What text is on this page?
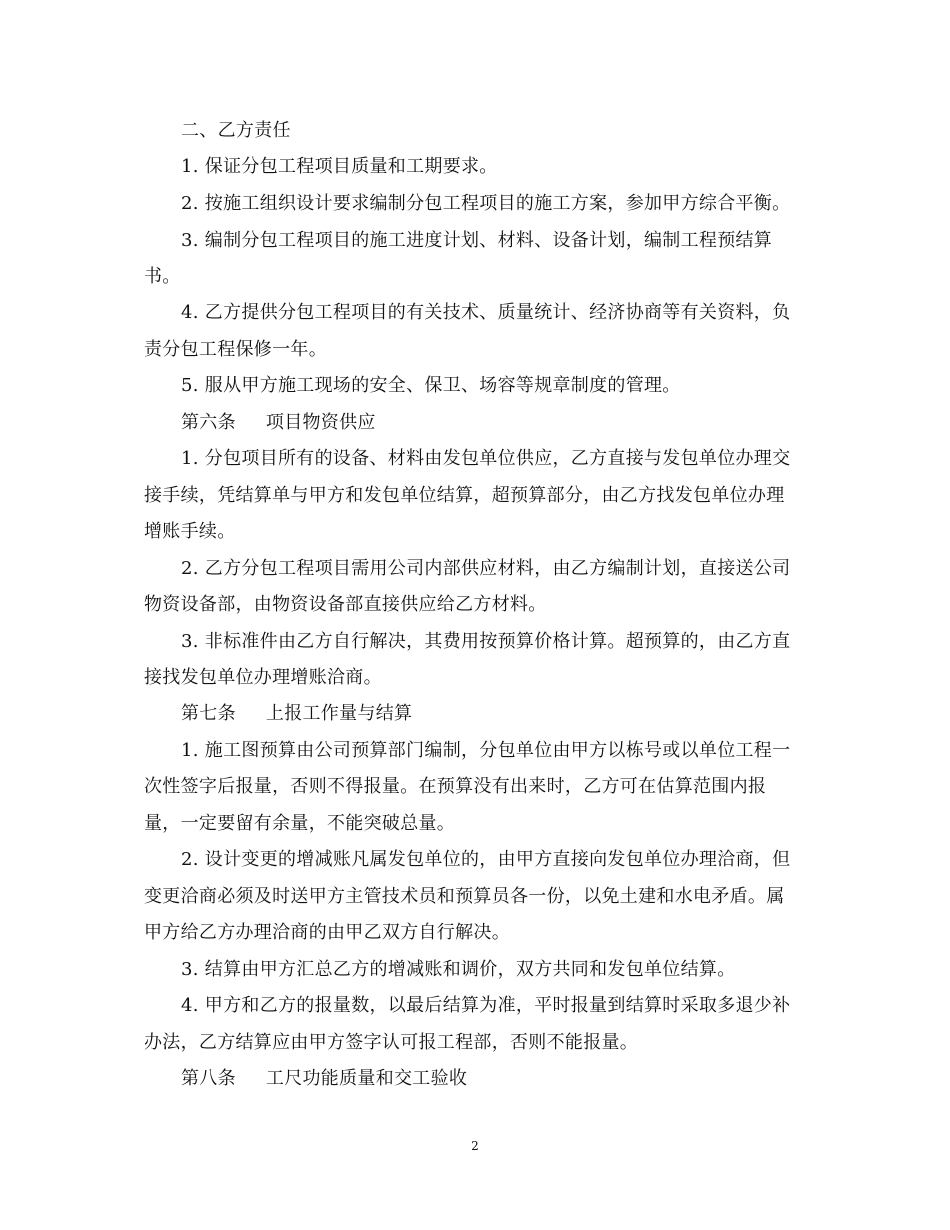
二、乙方责任
1. 保证分包工程项目质量和工期要求。
2. 按施工组织设计要求编制分包工程项目的施工方案，参加甲方综合平衡。
3. 编制分包工程项目的施工进度计划、材料、设备计划，编制工程预结算
书。
4. 乙方提供分包工程项目的有关技术、质量统计、经济协商等有关资料，负
责分包工程保修一年。
5. 服从甲方施工现场的安全、保卫、场容等规章制度的管理。
第六条 项目物资供应
1. 分包项目所有的设备、材料由发包单位供应，乙方直接与发包单位办理交
接手续，凭结算单与甲方和发包单位结算，超预算部分，由乙方找发包单位办理
增账手续。
2. 乙方分包工程项目需用公司内部供应材料，由乙方编制计划，直接送公司
物资设备部，由物资设备部直接供应给乙方材料。
3. 非标准件由乙方自行解决，其费用按预算价格计算。超预算的，由乙方直
接找发包单位办理增账洽商。
第七条 上报工作量与结算
1. 施工图预算由公司预算部门编制，分包单位由甲方以栋号或以单位工程一
次性签字后报量，否则不得报量。在预算没有出来时，乙方可在估算范围内报
量，一定要留有余量，不能突破总量。
2. 设计变更的增减账凡属发包单位的，由甲方直接向发包单位办理洽商，但
变更洽商必须及时送甲方主管技术员和预算员各一份，以免土建和水电矛盾。属
甲方给乙方办理洽商的由甲乙双方自行解决。
3. 结算由甲方汇总乙方的增减账和调价，双方共同和发包单位结算。
4. 甲方和乙方的报量数，以最后结算为准，平时报量到结算时采取多退少补
办法，乙方结算应由甲方签字认可报工程部，否则不能报量。
第八条 工尺功能质量和交工验收
2
